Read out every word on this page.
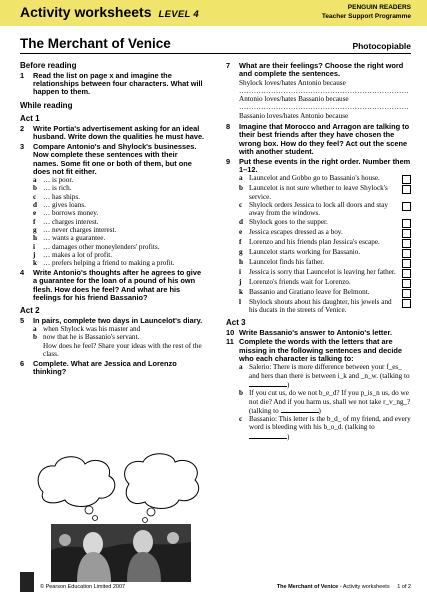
Activity worksheets LEVEL 4
PENGUIN READERS
Teacher Support Programme
The Merchant of Venice	Photocopiable
Before reading
1	Read the list on page x and imagine the relationships between four characters. What will happen to them.
While reading
Act 1
2	Write Portia's advertisement asking for an ideal husband. Write down the qualities he must have.
3	Compare Antonio's and Shylock's businesses. Now complete these sentences with their names. Some fit one or both of them, but one does not fit either.
a … is poor.
b … is rich.
c … has ships.
d … gives loans.
e … borrows money.
f	… charges interest.
g … never charges interest.
h … wants a guarantee.
i	… damages other moneylenders' profits.
j	… makes a lot of profit.
k … prefers helping a friend to making a profit.
4	Write Antonio's thoughts after he agrees to give a guarantee for the loan of a pound of his own flesh. How does he feel? And what are his feelings for his friend Bassanio?
Act 2
5	In pairs, complete two days in Launcelot's diary.
a when Shylock was his master and
b now that he is Bassanio's servant.
How does he feel? Share your ideas with the rest of the class.
6	Complete. What are Jessica and Lorenzo thinking?
7	What are their feelings? Choose the right word and complete the sentences.
Shylock loves/hates Antonio because
……………………………………………………………
Antonio loves/hates Bassanio because
……………………………………………………………
Bassanio loves/hates Antonio because
8	Imagine that Morocco and Arragon are talking to their best friends after they have chosen the wrong box. How do they feel? Act out the scene with another student.
9	Put these events in the right order. Number them 1–12.
a Launcelot and Gobbo go to Bassanio's house.
b Launcelot is not sure whether to leave Shylock's service.
c Shylock orders Jessica to lock all doors and stay away from the windows.
d Shylock goes to the supper.
e Jessica escapes dressed as a boy.
f	Lorenzo and his friends plan Jessica's escape.
g Launcelot starts working for Bassanio.
h Launcelot finds his father.
i	Jessica is sorry that Launcelot is leaving her father.
j	Lorenzo's friends wait for Lorenzo.
k Bassanio and Gratiano leave for Belmont.
l	Shylock shouts about his daughter, his jewels and his ducats in the streets of Venice.
Act 3
10 Write Bassanio's answer to Antonio's letter.
11 Complete the words with the letters that are missing in the following sentences and decide who each character is talking to:
a Salerio: There is more difference between your f_es_ and hers than there is between i_k and _n_w. (talking to )
b If you cut us, do we not b_e_d? If you p_is_n us, do we not die? And if you harm us, shall we not take r_v_ng_? (talking to	)
c Bassanio: This letter is the b_d_ of my friend, and every word is bleeding with his b_o_d. (talking to )
© Pearson Education Limited 2007	The Merchant of Venice - Activity worksheets 1 of 2
